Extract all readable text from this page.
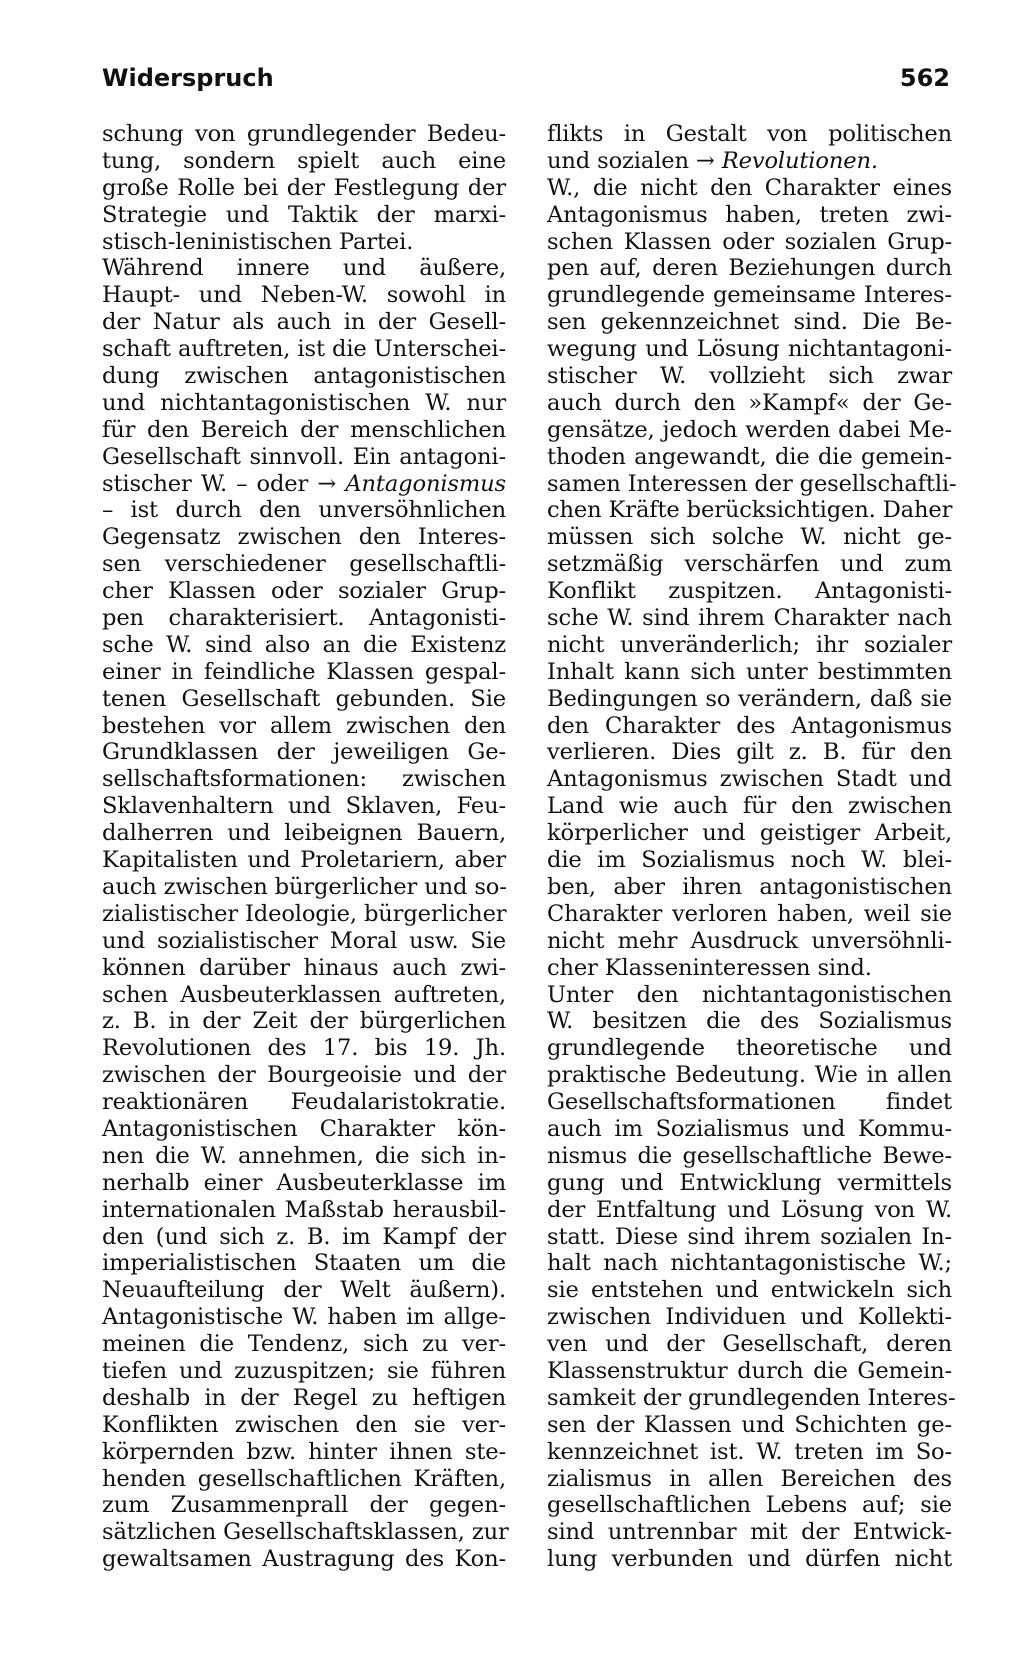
Widerspruch	562
schung von grundlegender Bedeu-
tung, sondern spielt auch eine
große Rolle bei der Festlegung der
Strategie und Taktik der marxi-
stisch-leninistischen Partei.
Während innere und äußere,
Haupt- und Neben-W. sowohl in
der Natur als auch in der Gesell-
schaft auftreten, ist die Unterschei-
dung zwischen antagonistischen
und nichtantagonistischen W. nur
für den Bereich der menschlichen
Gesellschaft sinnvoll. Ein antagoni-
stischer W. – oder → Antagonismus
– ist durch den unversöhnlichen
Gegensatz zwischen den Interes-
sen verschiedener gesellschaftli-
cher Klassen oder sozialer Grup-
pen charakterisiert. Antagonisti-
sche W. sind also an die Existenz
einer in feindliche Klassen gespal-
tenen Gesellschaft gebunden. Sie
bestehen vor allem zwischen den
Grundklassen der jeweiligen Ge-
sellschaftsformationen: zwischen
Sklavenhaltern und Sklaven, Feu-
dalherren und leibeignen Bauern,
Kapitalisten und Proletariern, aber
auch zwischen bürgerlicher und so-
zialistischer Ideologie, bürgerlicher
und sozialistischer Moral usw. Sie
können darüber hinaus auch zwi-
schen Ausbeuterklassen auftreten,
z. B. in der Zeit der bürgerlichen
Revolutionen des 17. bis 19. Jh.
zwischen der Bourgeoisie und der
reaktionären Feudalaristokratie.
Antagonistischen Charakter kön-
nen die W. annehmen, die sich in-
nerhalb einer Ausbeuterklasse im
internationalen Maßstab herausbil-
den (und sich z. B. im Kampf der
imperialistischen Staaten um die
Neuaufteilung der Welt äußern).
Antagonistische W. haben im allge-
meinen die Tendenz, sich zu ver-
tiefen und zuzuspitzen; sie führen
deshalb in der Regel zu heftigen
Konflikten zwischen den sie ver-
körpernden bzw. hinter ihnen ste-
henden gesellschaftlichen Kräften,
zum Zusammenprall der gegen-
sätzlichen Gesellschaftsklassen, zur
gewaltsamen Austragung des Kon-
flikts in Gestalt von politischen
und sozialen → Revolutionen.
W., die nicht den Charakter eines
Antagonismus haben, treten zwi-
schen Klassen oder sozialen Grup-
pen auf, deren Beziehungen durch
grundlegende gemeinsame Interes-
sen gekennzeichnet sind. Die Be-
wegung und Lösung nichtantagoni-
stischer W. vollzieht sich zwar
auch durch den »Kampf« der Ge-
gensätze, jedoch werden dabei Me-
thoden angewandt, die die gemein-
samen Interessen der gesellschaftli-
chen Kräfte berücksichtigen. Daher
müssen sich solche W. nicht ge-
setzmäßig verschärfen und zum
Konflikt zuspitzen. Antagonisti-
sche W. sind ihrem Charakter nach
nicht unveränderlich; ihr sozialer
Inhalt kann sich unter bestimmten
Bedingungen so verändern, daß sie
den Charakter des Antagonismus
verlieren. Dies gilt z. B. für den
Antagonismus zwischen Stadt und
Land wie auch für den zwischen
körperlicher und geistiger Arbeit,
die im Sozialismus noch W. blei-
ben, aber ihren antagonistischen
Charakter verloren haben, weil sie
nicht mehr Ausdruck unversöhnli-
cher Klasseninteressen sind.
Unter den nichtantagonistischen
W. besitzen die des Sozialismus
grundlegende theoretische und
praktische Bedeutung. Wie in allen
Gesellschaftsformationen findet
auch im Sozialismus und Kommu-
nismus die gesellschaftliche Bewe-
gung und Entwicklung vermittels
der Entfaltung und Lösung von W.
statt. Diese sind ihrem sozialen In-
halt nach nichtantagonistische W.;
sie entstehen und entwickeln sich
zwischen Individuen und Kollekti-
ven und der Gesellschaft, deren
Klassenstruktur durch die Gemein-
samkeit der grundlegenden Interes-
sen der Klassen und Schichten ge-
kennzeichnet ist. W. treten im So-
zialismus in allen Bereichen des
gesellschaftlichen Lebens auf; sie
sind untrennbar mit der Entwick-
lung verbunden und dürfen nicht
